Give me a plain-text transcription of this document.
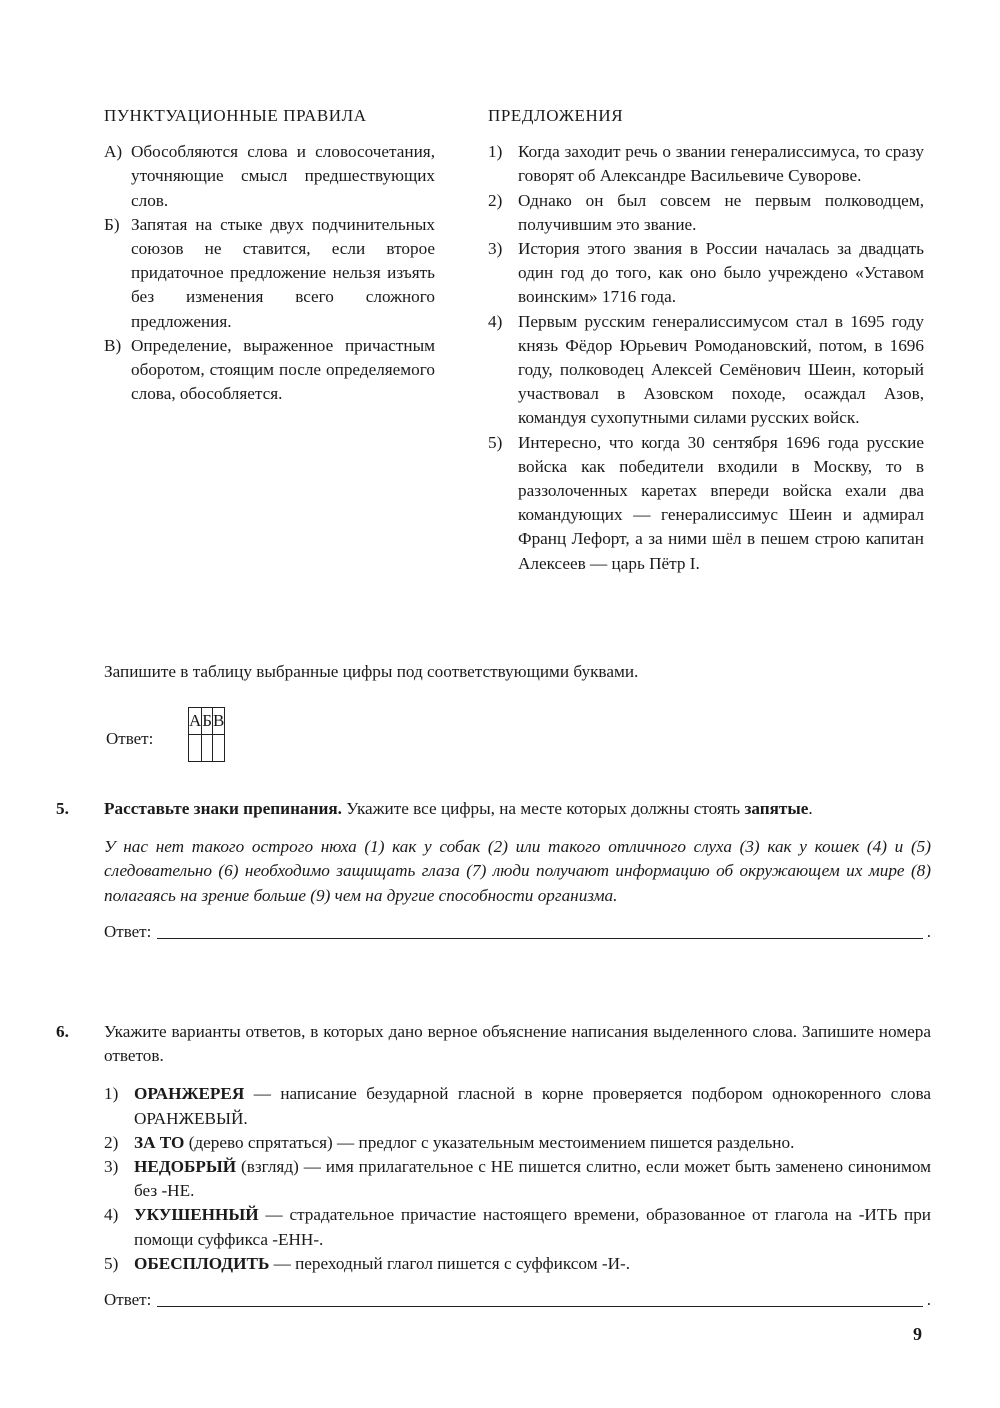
ПУНКТУАЦИОННЫЕ ПРАВИЛА
А) Обособляются слова и словосочетания, уточняющие смысл предшествующих слов.
Б) Запятая на стыке двух подчинительных союзов не ставится, если второе придаточное предложение нельзя изъять без изменения всего сложного предложения.
В) Определение, выраженное причастным оборотом, стоящим после определяемого слова, обособляется.
ПРЕДЛОЖЕНИЯ
1) Когда заходит речь о звании генералиссимуса, то сразу говорят об Александре Васильевиче Суворове.
2) Однако он был совсем не первым полководцем, получившим это звание.
3) История этого звания в России началась за двадцать один год до того, как оно было учреждено «Уставом воинским» 1716 года.
4) Первым русским генералиссимусом стал в 1695 году князь Фёдор Юрьевич Ромодановский, потом, в 1696 году, полководец Алексей Семёнович Шеин, который участвовал в Азовском походе, осаждал Азов, командуя сухопутными силами русских войск.
5) Интересно, что когда 30 сентября 1696 года русские войска как победители входили в Москву, то в раззолоченных каретах впереди войска ехали два командующих — генералиссимус Шеин и адмирал Франц Лефорт, а за ними шёл в пешем строю капитан Алексеев — царь Пётр I.
Запишите в таблицу выбранные цифры под соответствующими буквами.
Ответ:
А	Б	В

5. Расставьте знаки препинания. Укажите все цифры, на месте которых должны стоять запятые.
У нас нет такого острого нюха (1) как у собак (2) или такого отличного слуха (3) как у кошек (4) и (5) следовательно (6) необходимо защищать глаза (7) люди получают информацию об окружающем их мире (8) полагаясь на зрение больше (9) чем на другие способности организма.
Ответ:	.
6. Укажите варианты ответов, в которых дано верное объяснение написания выделенного слова. Запишите номера ответов.
1) ОРАНЖЕРЕЯ — написание безударной гласной в корне проверяется подбором однокоренного слова ОРАНЖЕВЫЙ.
2) ЗА ТО (дерево спрятаться) — предлог с указательным местоимением пишется раздельно.
3) НЕДОБРЫЙ (взгляд) — имя прилагательное с НЕ пишется слитно, если может быть заменено синонимом без -НЕ.
4) УКУШЕННЫЙ — страдательное причастие настоящего времени, образованное от глагола на -ИТЬ при помощи суффикса -ЕНН-.
5) ОБЕСПЛОДИТЬ — переходный глагол пишется с суффиксом -И-.
Ответ:	.
9
